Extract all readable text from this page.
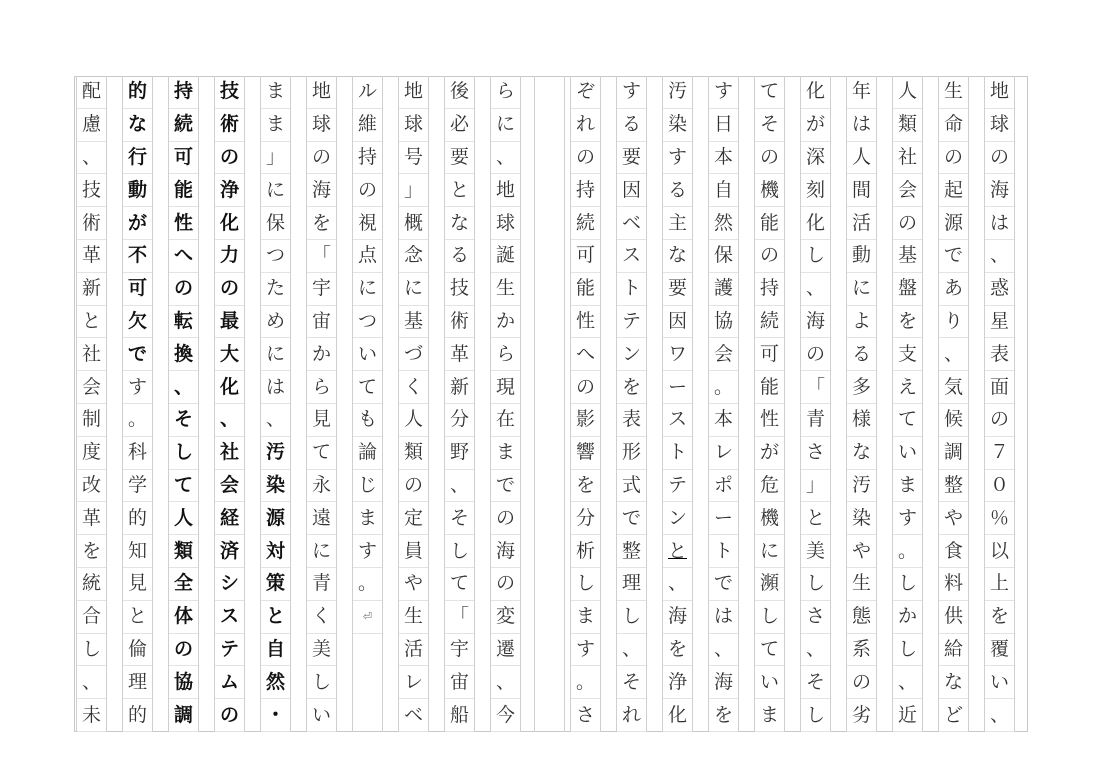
地
球
の
海
は
、
惑
星
表
面
の
７
０
％
以
上
を
覆
い
、
生
命
の
起
源
で
あ
り
、
気
候
調
整
や
食
料
供
給
な
ど
人
類
社
会
の
基
盤
を
支
え
て
い
ま
す
。
し
か
し
、
近
年
は
人
間
活
動
に
よ
る
多
様
な
汚
染
や
生
態
系
の
劣
化
が
深
刻
化
し
、
海
の
「
青
さ
」
と
美
し
さ
、
そ
し
て
そ
の
機
能
の
持
続
可
能
性
が
危
機
に
瀕
し
て
い
ま
す
日
本
自
然
保
護
協
会
。
本
レ
ポ
ー
ト
で
は
、
海
を
汚
染
す
る
主
な
要
因
ワ
ー
ス
ト
テ
ン
と
、
海
を
浄
化
す
る
要
因
ベ
ス
ト
テ
ン
を
表
形
式
で
整
理
し
、
そ
れ
ぞ
れ
の
持
続
可
能
性
へ
の
影
響
を
分
析
し
ま
す
。
さ
ら
に
、
地
球
誕
生
か
ら
現
在
ま
で
の
海
の
変
遷
、
今
後
必
要
と
な
る
技
術
革
新
分
野
、
そ
し
て
「
宇
宙
船
地
球
号
」
概
念
に
基
づ
く
人
類
の
定
員
や
生
活
レ
ベ
ル
維
持
の
視
点
に
つ
い
て
も
論
じ
ま
す
。
⏎
地
球
の
海
を
「
宇
宙
か
ら
見
て
永
遠
に
青
く
美
し
い
ま
ま
」
に
保
つ
た
め
に
は
、
汚
染
源
対
策
と
自
然
・
技
術
の
浄
化
力
の
最
大
化
、
社
会
経
済
シ
ス
テ
ム
の
持
続
可
能
性
へ
の
転
換
、
そ
し
て
人
類
全
体
の
協
調
的
な
行
動
が
不
可
欠
で
す
。
科
学
的
知
見
と
倫
理
的
配
慮
、
技
術
革
新
と
社
会
制
度
改
革
を
統
合
し
、
未
